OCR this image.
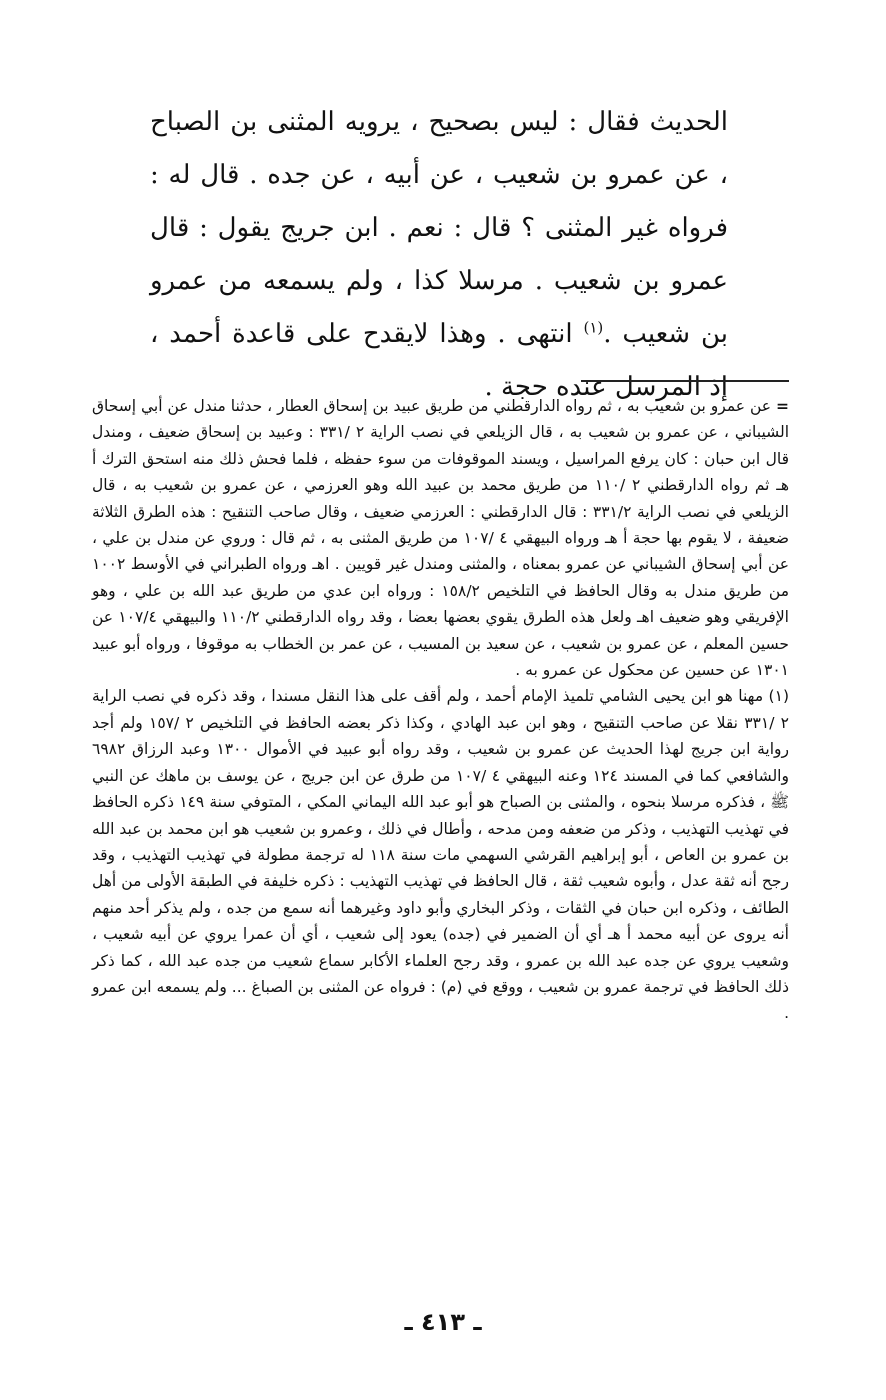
الحديث فقال : ليس بصحيح ، يرويه المثنى بن الصباح ، عن عمرو بن شعيب ، عن أبيه ، عن جده . قال له : فرواه غير المثنى ؟ قال : نعم . ابن جريج يقول : قال عمرو بن شعيب . مرسلا كذا ، ولم يسمعه من عمرو بن شعيب .$^{(١)}$ انتهى . وهذا لايقدح على قاعدة أحمد ، إذ المرسل عنده حجة .

= عن عمرو بن شعيب به ، ثم رواه الدارقطني من طريق عبيد بن إسحاق العطار ، حدثنا مندل عن أبي إسحاق الشيباني ، عن عمرو بن شعيب به ، قال الزيلعي في نصب الراية ٢ /٣٣١ : وعبيد بن إسحاق ضعيف ، ومندل قال ابن حبان : كان يرفع المراسيل ، ويسند الموقوفات من سوء حفظه ، فلما فحش ذلك منه استحق الترك أ هـ ثم رواه الدارقطني ٢ /١١٠ من طريق محمد بن عبيد الله وهو العرزمي ، عن عمرو بن شعيب به ، قال الزيلعي في نصب الراية ٣٣١/٢ : قال الدارقطني : العرزمي ضعيف ، وقال صاحب التنقيح : هذه الطرق الثلاثة ضعيفة ، لا يقوم بها حجة أ هـ ورواه البيهقي ٤ /١٠٧ من طريق المثنى به ، ثم قال : وروي عن مندل بن علي ، عن أبي إسحاق الشيباني عن عمرو بمعناه ، والمثنى ومندل غير قويين . اهـ ورواه الطبراني في الأوسط ١٠٠٢ من طريق مندل به وقال الحافظ في التلخيص ١٥٨/٢ : ورواه ابن عدي من طريق عبد الله بن علي ، وهو الإفريقي وهو ضعيف اهـ ولعل هذه الطرق يقوي بعضها بعضا ، وقد رواه الدارقطني ١١٠/٢ والبيهقي ١٠٧/٤ عن حسين المعلم ، عن عمرو بن شعيب ، عن سعيد بن المسيب ، عن عمر بن الخطاب به موقوفا ، ورواه أبو عبيد ١٣٠١ عن حسين عن محكول عن عمرو به .

(١) مهنا هو ابن يحيى الشامي تلميذ الإمام أحمد ، ولم أقف على هذا النقل مسندا ، وقد ذكره في نصب الراية ٢ /٣٣١ نقلا عن صاحب التنقيح ، وهو ابن عبد الهادي ، وكذا ذكر بعضه الحافظ في التلخيص ٢ /١٥٧ ولم أجد رواية ابن جريج لهذا الحديث عن عمرو بن شعيب ، وقد رواه أبو عبيد في الأموال ١٣٠٠ وعبد الرزاق ٦٩٨٢ والشافعي كما في المسند ١٢٤ وعنه البيهقي ٤ /١٠٧ من طرق عن ابن جريج ، عن يوسف بن ماهك عن النبي ﷺ ، فذكره مرسلا بنحوه ، والمثنى بن الصباح هو أبو عبد الله اليماني المكي ، المتوفي سنة ١٤٩ ذكره الحافظ في تهذيب التهذيب ، وذكر من ضعفه ومن مدحه ، وأطال في ذلك ، وعمرو بن شعيب هو ابن محمد بن عبد الله بن عمرو بن العاص ، أبو إبراهيم القرشي السهمي مات سنة ١١٨ له ترجمة مطولة في تهذيب التهذيب ، وقد رجح أنه ثقة عدل ، وأبوه شعيب ثقة ، قال الحافظ في تهذيب التهذيب : ذكره خليفة في الطبقة الأولى من أهل الطائف ، وذكره ابن حبان في الثقات ، وذكر البخاري وأبو داود وغيرهما أنه سمع من جده ، ولم يذكر أحد منهم أنه يروى عن أبيه محمد أ هـ أي أن الضمير في (جده) يعود إلى شعيب ، أي أن عمرا يروي عن أبيه شعيب ، وشعيب يروي عن جده عبد الله بن عمرو ، وقد رجح العلماء الأكابر سماع شعيب من جده عبد الله ، كما ذكر ذلك الحافظ في ترجمة عمرو بن شعيب ، ووقع في (م) : فرواه عن المثنى بن الصباغ ... ولم يسمعه ابن عمرو .

ـ ٤١٣ ـ
